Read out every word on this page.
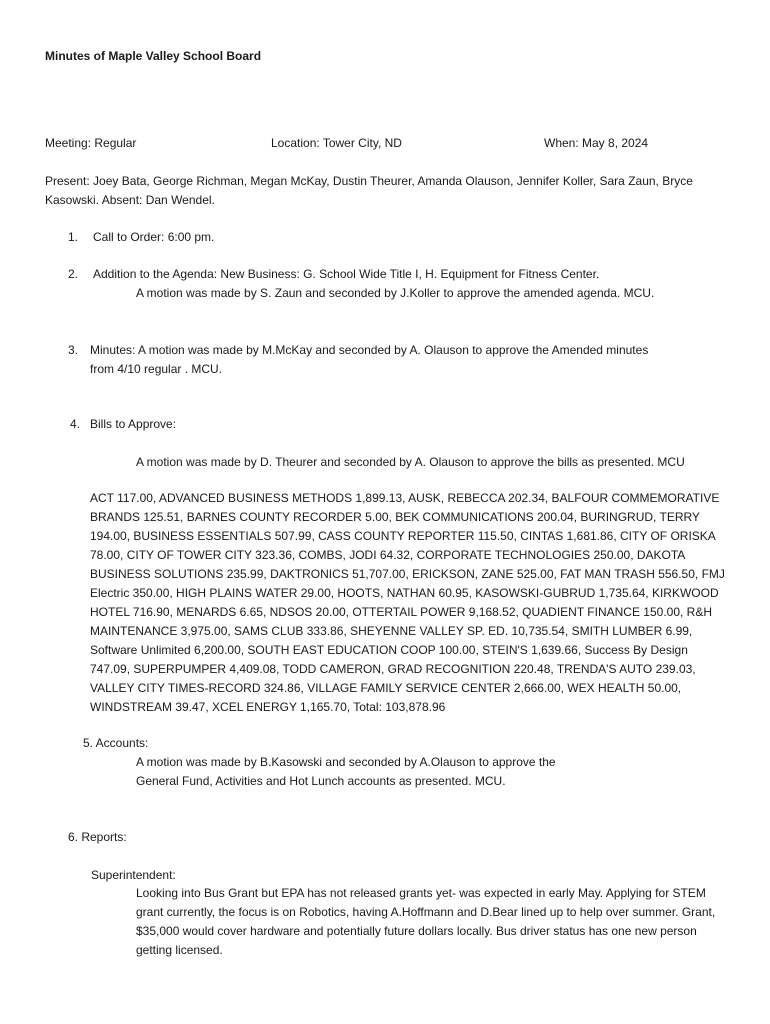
Minutes of Maple Valley School Board
Meeting: Regular	Location: Tower City, ND	When: May 8, 2024
Present: Joey Bata, George Richman, Megan McKay, Dustin Theurer, Amanda Olauson, Jennifer Koller, Sara Zaun, Bryce Kasowski. Absent: Dan Wendel.
1. Call to Order: 6:00 pm.
2. Addition to the Agenda: New Business: G. School Wide Title I, H. Equipment for Fitness Center.
A motion was made by S. Zaun and seconded by J.Koller to approve the amended agenda. MCU.
3. Minutes: A motion was made by M.McKay and seconded by A. Olauson to approve the Amended minutes
from 4/10 regular . MCU.
4. Bills to Approve:
A motion was made by D. Theurer and seconded by A. Olauson to approve the bills as presented. MCU
ACT 117.00, ADVANCED BUSINESS METHODS 1,899.13, AUSK, REBECCA 202.34, BALFOUR COMMEMORATIVE BRANDS 125.51, BARNES COUNTY RECORDER 5.00, BEK COMMUNICATIONS 200.04, BURINGRUD, TERRY 194.00, BUSINESS ESSENTIALS 507.99, CASS COUNTY REPORTER 115.50, CINTAS 1,681.86, CITY OF ORISKA 78.00, CITY OF TOWER CITY 323.36, COMBS, JODI 64.32, CORPORATE TECHNOLOGIES 250.00, DAKOTA BUSINESS SOLUTIONS 235.99, DAKTRONICS 51,707.00, ERICKSON, ZANE 525.00, FAT MAN TRASH 556.50, FMJ Electric 350.00, HIGH PLAINS WATER 29.00, HOOTS, NATHAN 60.95, KASOWSKI-GUBRUD 1,735.64, KIRKWOOD HOTEL 716.90, MENARDS 6.65, NDSOS 20.00, OTTERTAIL POWER 9,168.52, QUADIENT FINANCE 150.00, R&H MAINTENANCE 3,975.00, SAMS CLUB 333.86, SHEYENNE VALLEY SP. ED. 10,735.54, SMITH LUMBER 6.99, Software Unlimited 6,200.00, SOUTH EAST EDUCATION COOP 100.00, STEIN'S 1,639.66, Success By Design 747.09, SUPERPUMPER 4,409.08, TODD CAMERON, GRAD RECOGNITION 220.48, TRENDA'S AUTO 239.03, VALLEY CITY TIMES-RECORD 324.86, VILLAGE FAMILY SERVICE CENTER 2,666.00, WEX HEALTH 50.00, WINDSTREAM 39.47, XCEL ENERGY 1,165.70, Total: 103,878.96
5. Accounts:
A motion was made by B.Kasowski and seconded by A.Olauson to approve the
General Fund, Activities and Hot Lunch accounts as presented. MCU.
6. Reports:
Superintendent:
Looking into Bus Grant but EPA has not released grants yet- was expected in early May. Applying for STEM grant currently, the focus is on Robotics, having A.Hoffmann and D.Bear lined up to help over summer. Grant, $35,000 would cover hardware and potentially future dollars locally. Bus driver status has one new person getting licensed.
